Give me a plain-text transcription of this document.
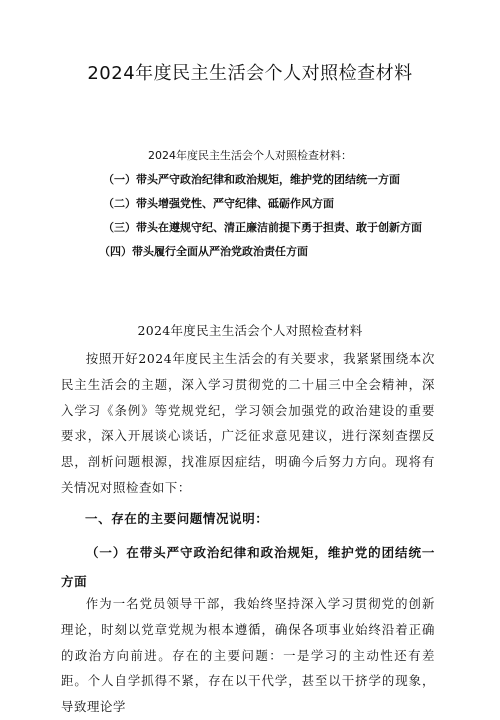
2024年度民主生活会个人对照检查材料
2024年度民主生活会个人对照检查材料：
（一）带头严守政治纪律和政治规矩，维护党的团结统一方面
（二）带头增强党性、严守纪律、砥砺作风方面
（三）带头在遵规守纪、清正廉洁前提下勇于担责、敢于创新方面
（四）带头履行全面从严治党政治责任方面
2024年度民主生活会个人对照检查材料
按照开好2024年度民主生活会的有关要求，我紧紧围绕本次民主生活会的主题，深入学习贯彻党的二十届三中全会精神，深入学习《条例》等党规党纪，学习领会加强党的政治建设的重要要求，深入开展谈心谈话，广泛征求意见建议，进行深刻查摆反思，剖析问题根源，找准原因症结，明确今后努力方向。现将有关情况对照检查如下：
一、存在的主要问题情况说明：
（一）在带头严守政治纪律和政治规矩，维护党的团结统一方面
作为一名党员领导干部，我始终坚持深入学习贯彻党的创新理论，时刻以党章党规为根本遵循，确保各项事业始终沿着正确的政治方向前进。存在的主要问题：一是学习的主动性还有差距。个人自学抓得不紧，存在以干代学，甚至以干挤学的现象，导致理论学
